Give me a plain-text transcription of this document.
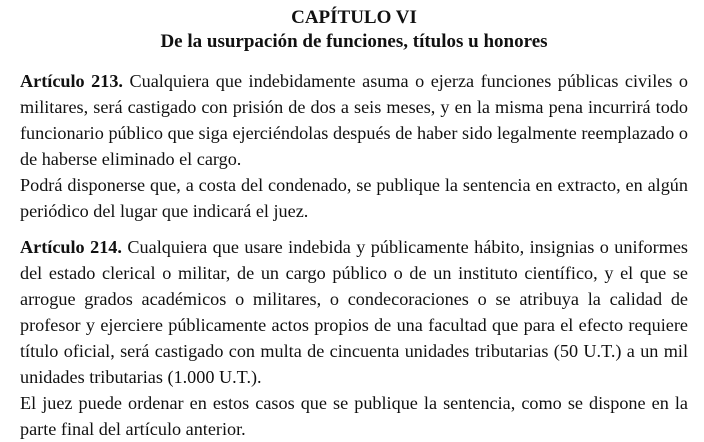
CAPÍTULO VI
De la usurpación de funciones, títulos u honores
Artículo 213. Cualquiera que indebidamente asuma o ejerza funciones públicas civiles o militares, será castigado con prisión de dos a seis meses, y en la misma pena incurrirá todo funcionario público que siga ejerciéndolas después de haber sido legalmente reemplazado o de haberse eliminado el cargo.
Podrá disponerse que, a costa del condenado, se publique la sentencia en extracto, en algún periódico del lugar que indicará el juez.
Artículo 214. Cualquiera que usare indebida y públicamente hábito, insignias o uniformes del estado clerical o militar, de un cargo público o de un instituto científico, y el que se arrogue grados académicos o militares, o condecoraciones o se atribuya la calidad de profesor y ejerciere públicamente actos propios de una facultad que para el efecto requiere título oficial, será castigado con multa de cincuenta unidades tributarias (50 U.T.) a un mil unidades tributarias (1.000 U.T.).
El juez puede ordenar en estos casos que se publique la sentencia, como se dispone en la parte final del artículo anterior.
